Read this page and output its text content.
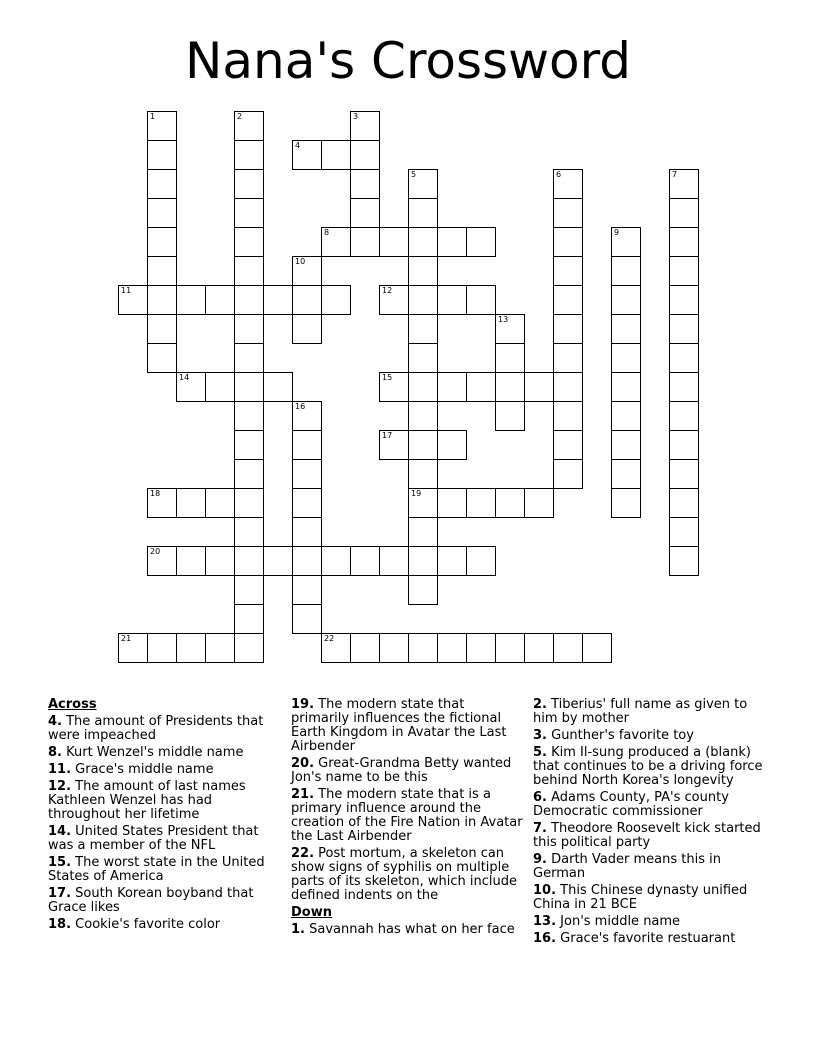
Nana's Crossword
1	2	3
4
5	6	7
8	9
10
11	12
13
14	15
16
17
18	19
20
21	22
Across
4. The amount of Presidents that were impeached
8. Kurt Wenzel's middle name
11. Grace's middle name
12. The amount of last names Kathleen Wenzel has had throughout her lifetime
14. United States President that was a member of the NFL
15. The worst state in the United States of America
17. South Korean boyband that Grace likes
18. Cookie's favorite color
19. The modern state that primarily influences the fictional Earth Kingdom in Avatar the Last Airbender
20. Great-Grandma Betty wanted Jon's name to be this
21. The modern state that is a primary influence around the creation of the Fire Nation in Avatar the Last Airbender
22. Post mortum, a skeleton can show signs of syphilis on multiple parts of its skeleton, which include defined indents on the
Down
1. Savannah has what on her face
2. Tiberius' full name as given to him by mother
3. Gunther's favorite toy
5. Kim Il-sung produced a (blank) that continues to be a driving force behind North Korea's longevity
6. Adams County, PA's county Democratic commissioner
7. Theodore Roosevelt kick started this political party
9. Darth Vader means this in German
10. This Chinese dynasty unified China in 21 BCE
13. Jon's middle name
16. Grace's favorite restuarant
